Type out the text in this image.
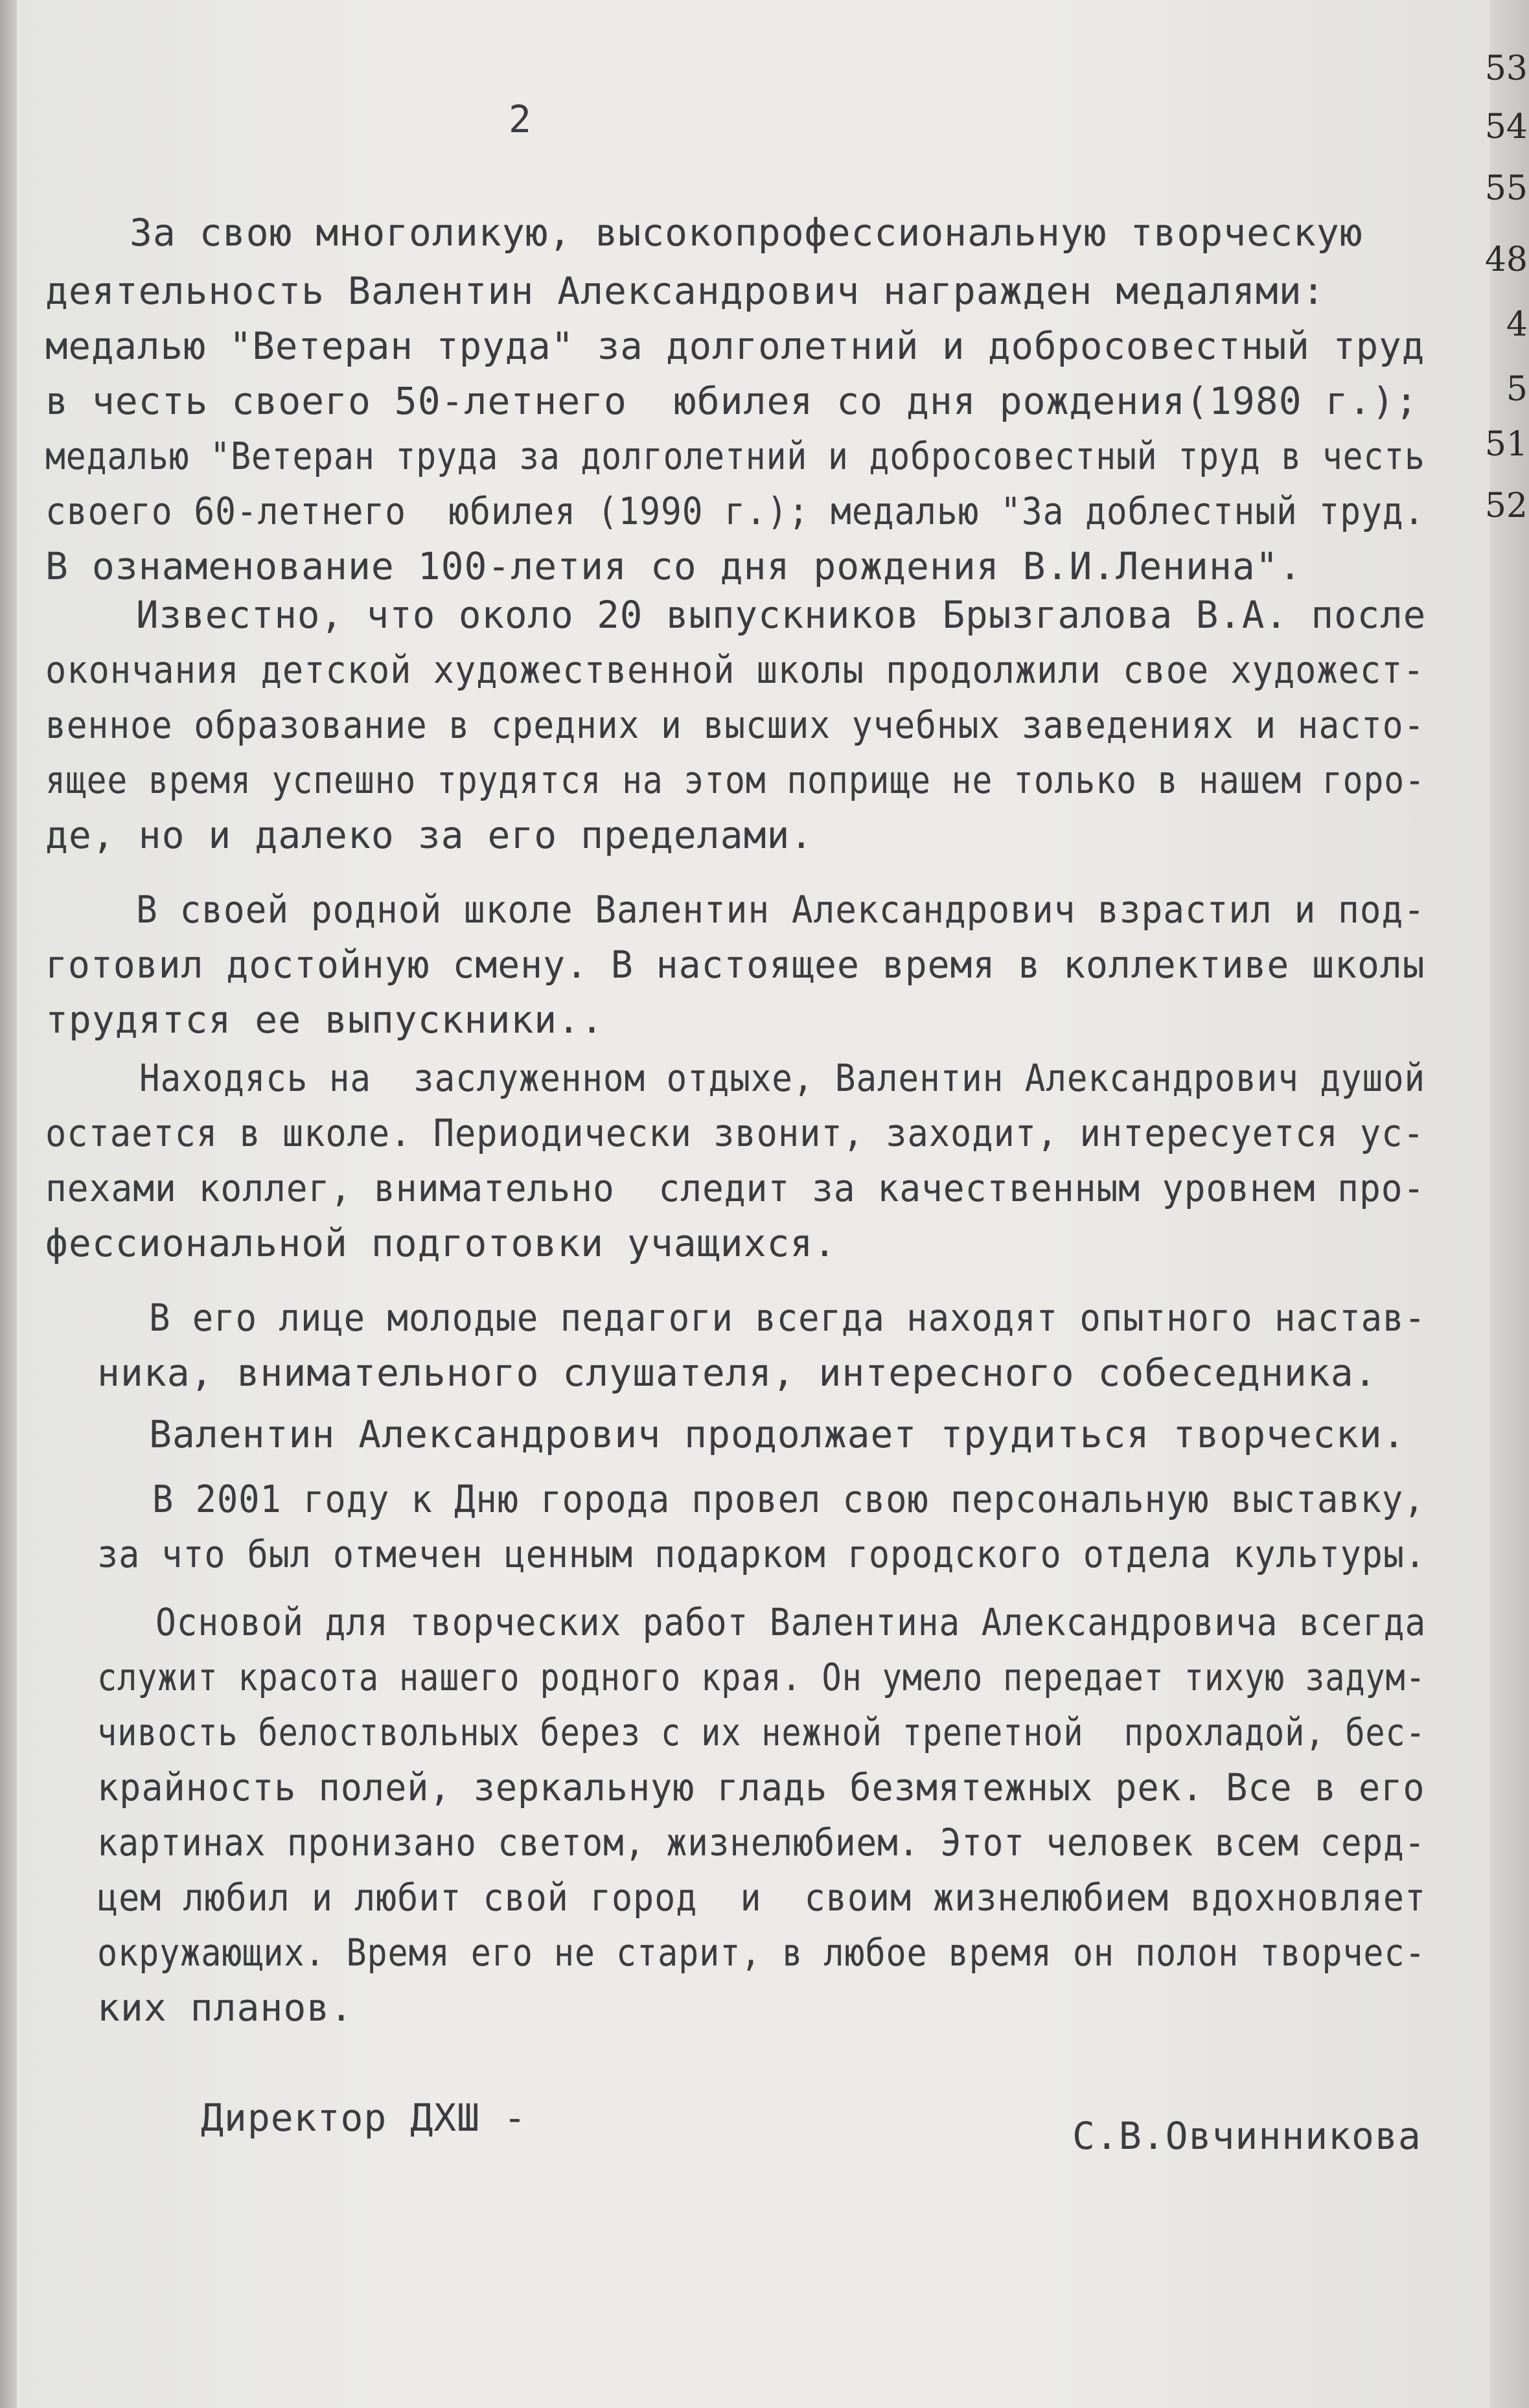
2
За свою многоликую, высокопрофессиональную творческую
деятельность Валентин Александрович награжден медалями:
медалью "Ветеран труда" за долголетний и добросовестный труд
в честь своего 50-летнего  юбилея со дня рождения(1980 г.);
медалью "Ветеран труда за долголетний и добросовестный труд в честь
своего 60-летнего  юбилея (1990 г.); медалью "За доблестный труд.
В ознаменование 100-летия со дня рождения В.И.Ленина".
Известно, что около 20 выпускников Брызгалова В.А. после
окончания детской художественной школы продолжили свое художест-
венное образование в средних и высших учебных заведениях и насто-
ящее время успешно трудятся на этом поприще не только в нашем горо-
де, но и далеко за его пределами.
В своей родной школе Валентин Александрович взрастил и под-
готовил достойную смену. В настоящее время в коллективе школы
трудятся ее выпускники..
Находясь на  заслуженном отдыхе, Валентин Александрович душой
остается в школе. Периодически звонит, заходит, интересуется ус-
пехами коллег, внимательно  следит за качественным уровнем про-
фессиональной подготовки учащихся.
В его лице молодые педагоги всегда находят опытного настав-
ника, внимательного слушателя, интересного собеседника.
Валентин Александрович продолжает трудиться творчески.
В 2001 году к Дню города провел свою персональную выставку,
за что был отмечен ценным подарком городского отдела культуры.
Основой для творческих работ Валентина Александровича всегда
служит красота нашего родного края. Он умело передает тихую задум-
чивость белоствольных берез с их нежной трепетной  прохладой, бес-
крайность полей, зеркальную гладь безмятежных рек. Все в его
картинах пронизано светом, жизнелюбием. Этот человек всем серд-
цем любил и любит свой город  и  своим жизнелюбием вдохновляет
окружающих. Время его не старит, в любое время он полон творчес-
ких планов.
Директор ДХШ -	С.В.Овчинникова
53
54
55
48
4
5
51
52
